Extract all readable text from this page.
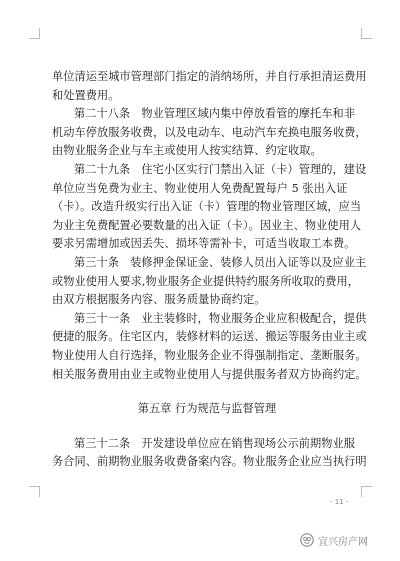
单位清运至城市管理部门指定的消纳场所，并自行承担清运费用
和处置费用。
第二十八条　物业管理区域内集中停放看管的摩托车和非
机动车停放服务收费，以及电动车、电动汽车充换电服务收费，
由物业服务企业与车主或使用人按实结算、约定收取。
第二十九条　住宅小区实行门禁出入证（卡）管理的，建设
单位应当免费为业主、物业使用人免费配置每户 5 张出入证
（卡）。改造升级实行出入证（卡）管理的物业管理区域，应当
为业主免费配置必要数量的出入证（卡）。因业主、物业使用人
要求另需增加或因丢失、损坏等需补卡，可适当收取工本费。
第三十条　装修押金保证金、装修人员出入证等以及应业主
或物业使用人要求,物业服务企业提供特约服务所收取的费用，
由双方根据服务内容、服务质量协商约定。
第三十一条　业主装修时，物业服务企业应积极配合，提供
便捷的服务。住宅区内，装修材料的运送、搬运等服务由业主或
物业使用人自行选择，物业服务企业不得强制指定、垄断服务。
相关服务费用由业主或物业使用人与提供服务者双方协商约定。
第五章 行为规范与监督管理
第三十二条　开发建设单位应在销售现场公示前期物业服
务合同、前期物业服务收费备案内容。物业服务企业应当执行明
- 11 -
宜兴房产网
